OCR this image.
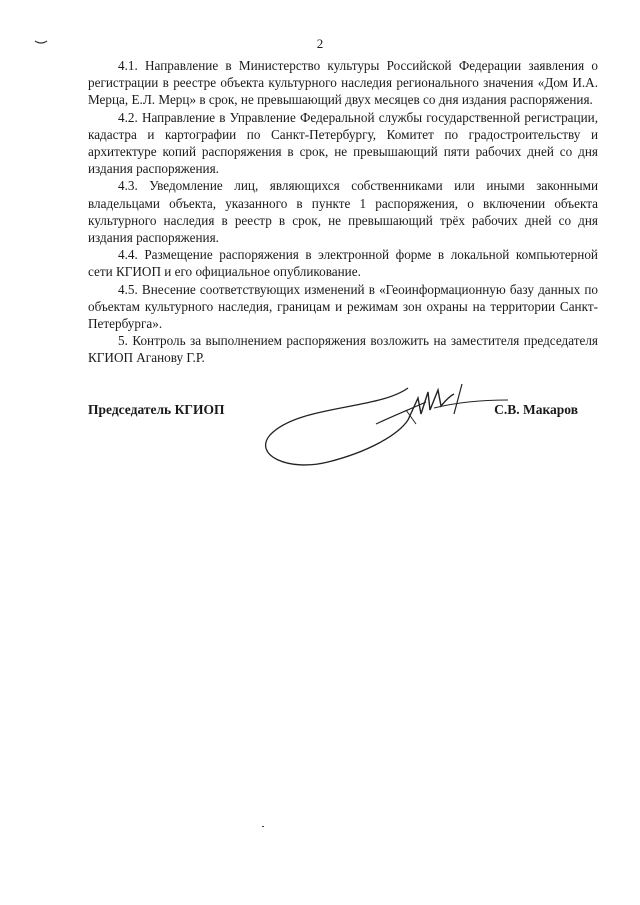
2

4.1. Направление в Министерство культуры Российской Федерации заявления о регистрации в реестре объекта культурного наследия регионального значения «Дом И.А. Мерца, Е.Л. Мерц» в срок, не превышающий двух месяцев со дня издания распоряжения.

4.2. Направление в Управление Федеральной службы государственной регистрации, кадастра и картографии по Санкт-Петербургу, Комитет по градостроительству и архитектуре копий распоряжения в срок, не превышающий пяти рабочих дней со дня издания распоряжения.

4.3. Уведомление лиц, являющихся собственниками или иными законными владельцами объекта, указанного в пункте 1 распоряжения, о включении объекта культурного наследия в реестр в срок, не превышающий трёх рабочих дней со дня издания распоряжения.

4.4. Размещение распоряжения в электронной форме в локальной компьютерной сети КГИОП и его официальное опубликование.

4.5. Внесение соответствующих изменений в «Геоинформационную базу данных по объектам культурного наследия, границам и режимам зон охраны на территории Санкт-Петербурга».

5. Контроль за выполнением распоряжения возложить на заместителя председателя КГИОП Аганову Г.Р.

Председатель КГИОП	С.В. Макаров
